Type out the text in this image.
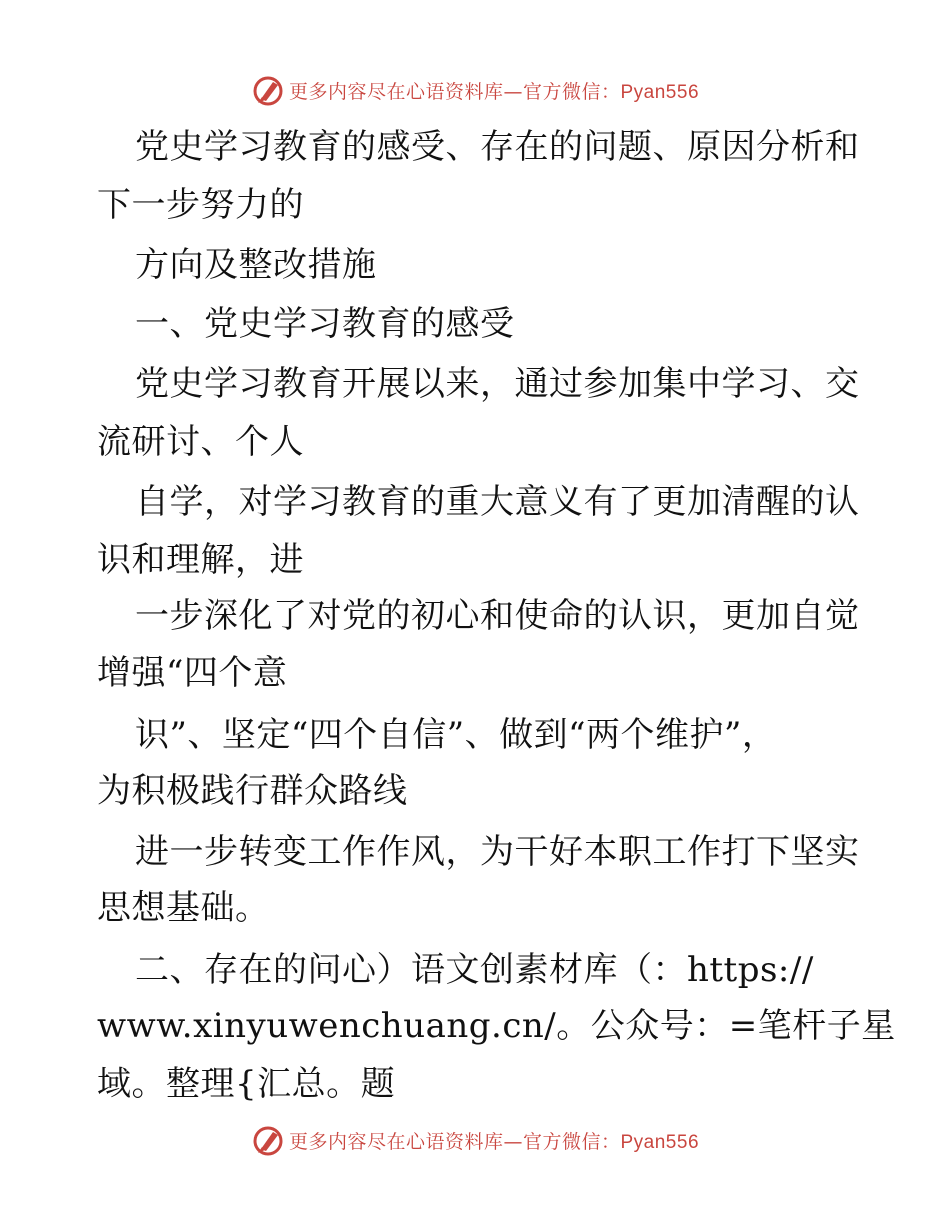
更多内容尽在心语资料库—官方微信：Pyan556
党史学习教育的感受、存在的问题、原因分析和
下一步努力的
方向及整改措施
一、党史学习教育的感受
党史学习教育开展以来，通过参加集中学习、交
流研讨、个人
自学，对学习教育的重大意义有了更加清醒的认
识和理解，进
一步深化了对党的初心和使命的认识，更加自觉
增强“四个意
识”、坚定“四个自信”、做到“两个维护”，
为积极践行群众路线
进一步转变工作作风，为干好本职工作打下坚实
思想基础。
二、存在的问心）语文创素材库（：https://
www.xinyuwenchuang.cn/。公众号：=笔杆子星
域。整理{汇总。题
更多内容尽在心语资料库—官方微信：Pyan556
